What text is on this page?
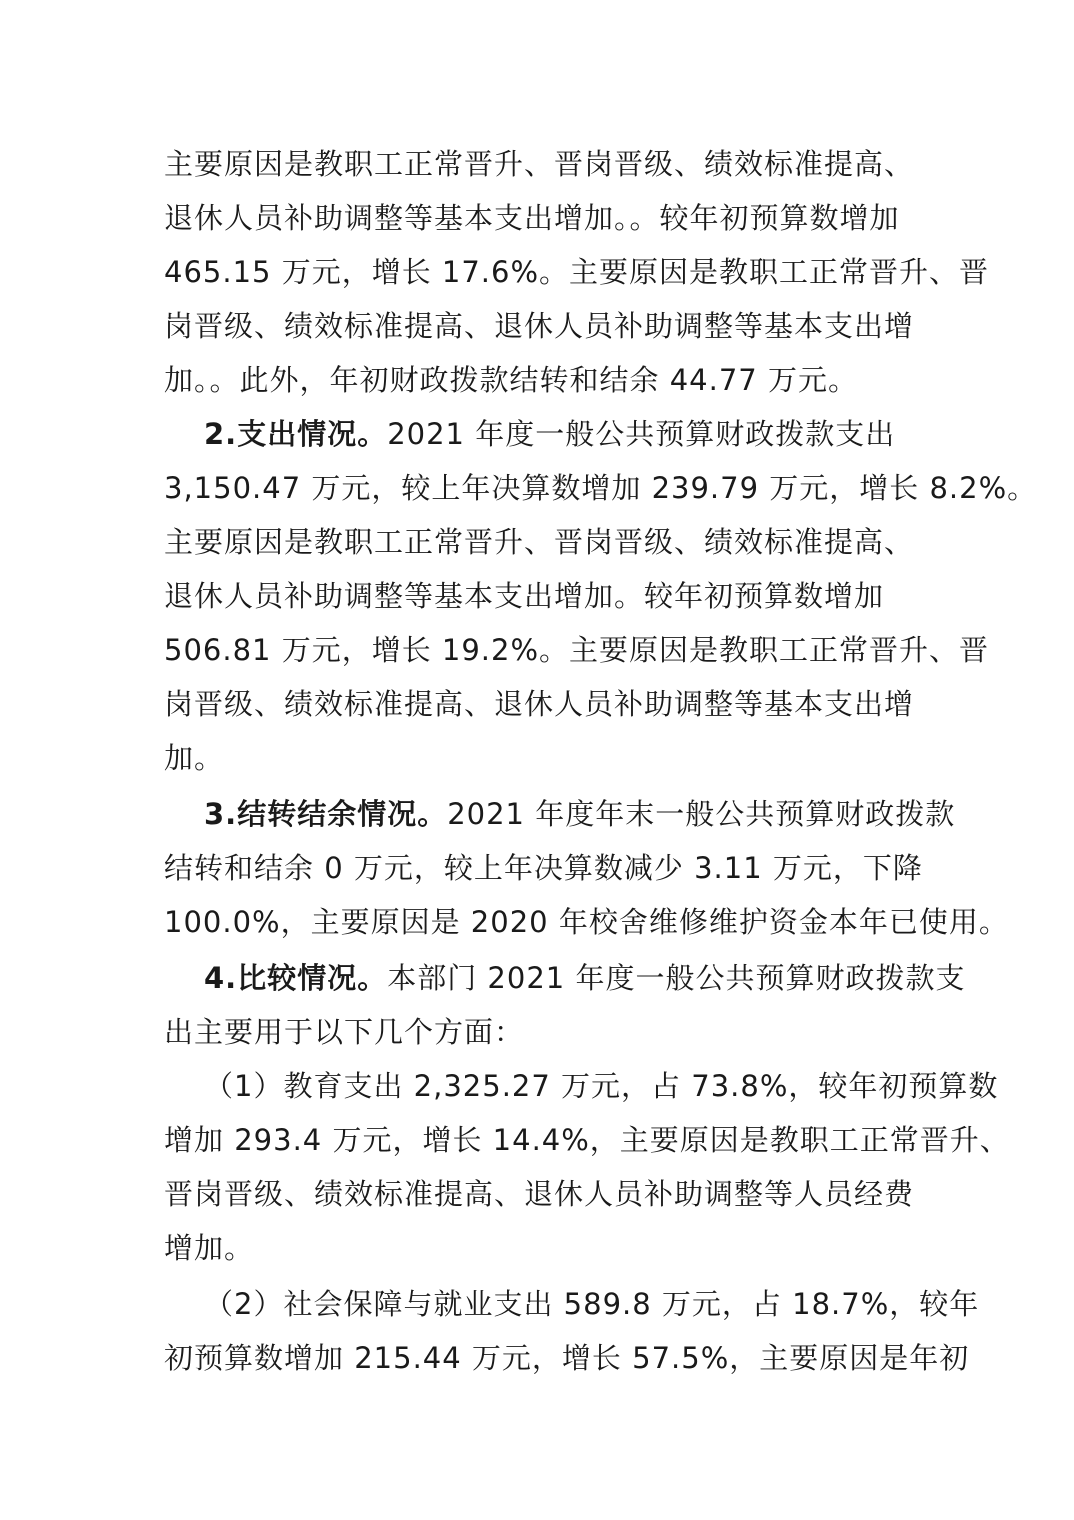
主要原因是教职工正常晋升、晋岗晋级、绩效标准提高、
退休人员补助调整等基本支出增加。。较年初预算数增加
465.15 万元，增长 17.6%。主要原因是教职工正常晋升、晋
岗晋级、绩效标准提高、退休人员补助调整等基本支出增
加。。此外，年初财政拨款结转和结余 44.77 万元。
2.支出情况。2021 年度一般公共预算财政拨款支出
3,150.47 万元，较上年决算数增加 239.79 万元，增长 8.2%。
主要原因是教职工正常晋升、晋岗晋级、绩效标准提高、
退休人员补助调整等基本支出增加。较年初预算数增加
506.81 万元，增长 19.2%。主要原因是教职工正常晋升、晋
岗晋级、绩效标准提高、退休人员补助调整等基本支出增
加。
3.结转结余情况。2021 年度年末一般公共预算财政拨款
结转和结余 0 万元，较上年决算数减少 3.11 万元，下降
100.0%，主要原因是 2020 年校舍维修维护资金本年已使用。
4.比较情况。本部门 2021 年度一般公共预算财政拨款支
出主要用于以下几个方面：
（1）教育支出 2,325.27 万元，占 73.8%，较年初预算数
增加 293.4 万元，增长 14.4%，主要原因是教职工正常晋升、
晋岗晋级、绩效标准提高、退休人员补助调整等人员经费
增加。
（2）社会保障与就业支出 589.8 万元，占 18.7%，较年
初预算数增加 215.44 万元，增长 57.5%，主要原因是年初
